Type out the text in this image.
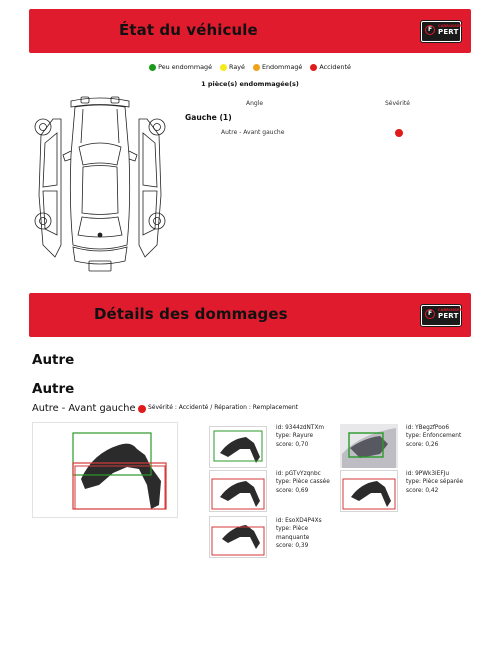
État du véhicule	F	CARROSSERIE
PERT
Peu endommagé	Rayé	Endommagé	Accidenté
1 pièce(s) endommagée(s)
Angle	Sévérité
Gauche (1)
Autre - Avant gauche
Détails des dommages	F	CARROSSERIE
PERT
Autre
Autre
Autre - Avant gauche Sévérité : Accidenté / Réparation : Remplacement
id: 9344zdNTXm
type: Rayure
score: 0,70
id: YBegzfPoo6
type: Enfoncement
score: 0,26
id: pGTvYzqnbc
type: Pièce cassée
score: 0,69
id: 9PWk3iEFJu
type: Pièce séparée
score: 0,42
id: EsoXD4P4Xs
type: Pièce manquante
score: 0,39
